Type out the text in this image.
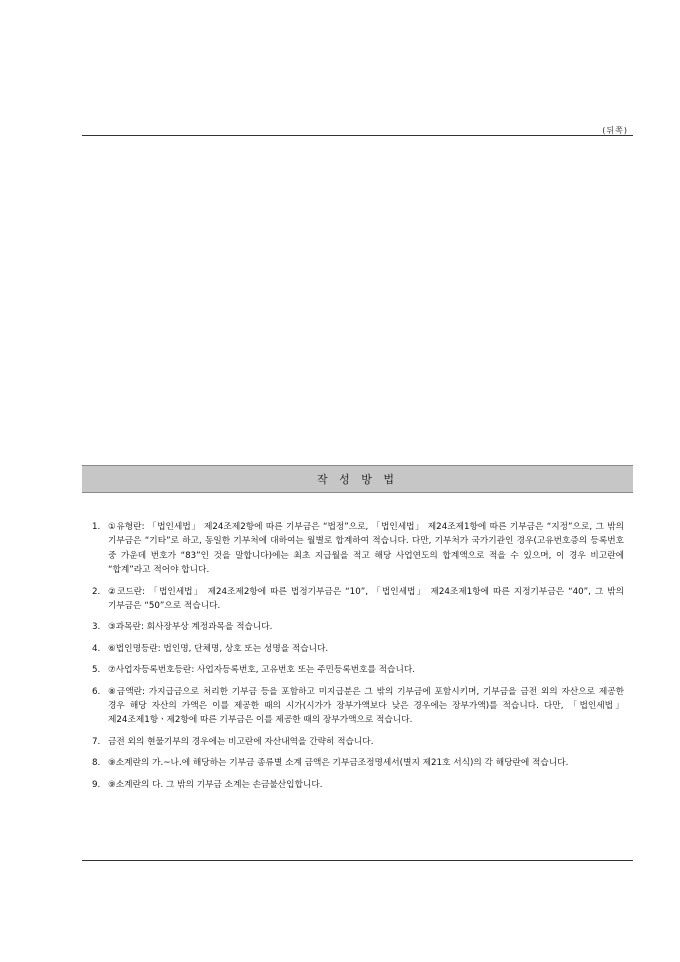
(뒤쪽)
작 성 방 법
1. ①유형란: 「법인세법」 제24조제2항에 따른 기부금은 “법정”으로, 「법인세법」 제24조제1항에 따른 기부금은 “지정”으로, 그 밖의 기부금은 “기타”로 하고, 동일한 기부처에 대하여는 월별로 합계하여 적습니다. 다만, 기부처가 국가기관인 경우(고유번호증의 등록번호 중 가운데 번호가 “83”인 것을 말합니다)에는 최초 지급월을 적고 해당 사업연도의 합계액으로 적을 수 있으며, 이 경우 비고란에 “합계”라고 적어야 합니다.
2. ②코드란: 「법인세법」 제24조제2항에 따른 법정기부금은 “10”, 「법인세법」 제24조제1항에 따른 지정기부금은 “40”, 그 밖의 기부금은 “50”으로 적습니다.
3. ③과목란: 회사장부상 계정과목을 적습니다.
4. ⑥법인명등란: 법인명, 단체명, 상호 또는 성명을 적습니다.
5. ⑦사업자등록번호등란: 사업자등록번호, 고유번호 또는 주민등록번호를 적습니다.
6. ⑧금액란: 가지급금으로 처리한 기부금 등을 포함하고 미지급분은 그 밖의 기부금에 포함시키며, 기부금을 금전 외의 자산으로 제공한 경우 해당 자산의 가액은 이를 제공한 때의 시가(시가가 장부가액보다 낮은 경우에는 장부가액)를 적습니다. 다만, 「법인세법」 제24조제1항ㆍ제2항에 따른 기부금은 이를 제공한 때의 장부가액으로 적습니다.
7. 금전 외의 현물기부의 경우에는 비고란에 자산내역을 간략히 적습니다.
8. ⑨소계란의 가.~나.에 해당하는 기부금 종류별 소계 금액은 기부금조정명세서(별지 제21호 서식)의 각 해당란에 적습니다.
9. ⑨소계란의 다. 그 밖의 기부금 소계는 손금불산입합니다.
